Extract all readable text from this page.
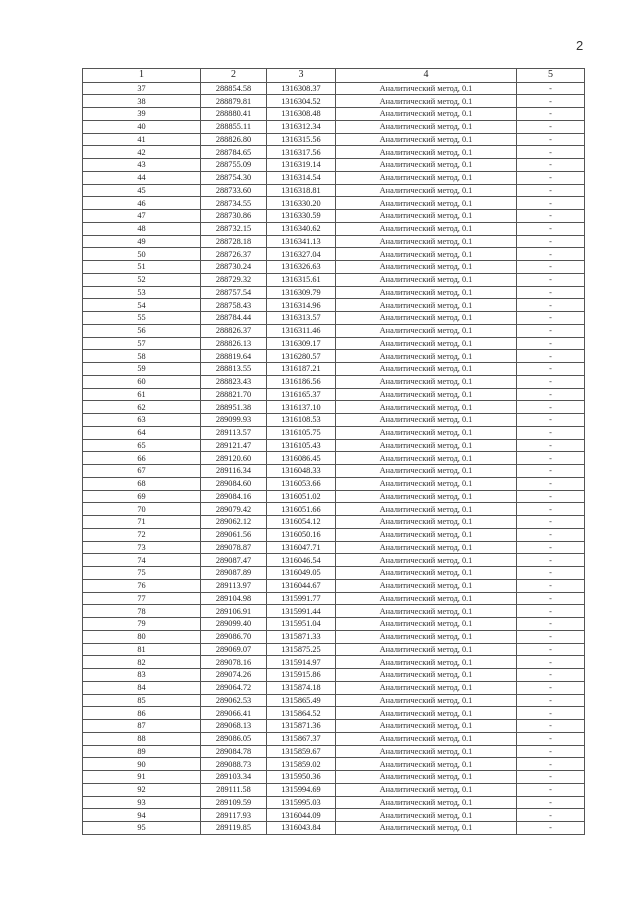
2
1	2	3	4	5
37	288854.58	1316308.37	Аналитический метод, 0.1	-
38	288879.81	1316304.52	Аналитический метод, 0.1	-
39	288880.41	1316308.48	Аналитический метод, 0.1	-
40	288855.11	1316312.34	Аналитический метод, 0.1	-
41	288826.80	1316315.56	Аналитический метод, 0.1	-
42	288784.65	1316317.56	Аналитический метод, 0.1	-
43	288755.09	1316319.14	Аналитический метод, 0.1	-
44	288754.30	1316314.54	Аналитический метод, 0.1	-
45	288733.60	1316318.81	Аналитический метод, 0.1	-
46	288734.55	1316330.20	Аналитический метод, 0.1	-
47	288730.86	1316330.59	Аналитический метод, 0.1	-
48	288732.15	1316340.62	Аналитический метод, 0.1	-
49	288728.18	1316341.13	Аналитический метод, 0.1	-
50	288726.37	1316327.04	Аналитический метод, 0.1	-
51	288730.24	1316326.63	Аналитический метод, 0.1	-
52	288729.32	1316315.61	Аналитический метод, 0.1	-
53	288757.54	1316309.79	Аналитический метод, 0.1	-
54	288758.43	1316314.96	Аналитический метод, 0.1	-
55	288784.44	1316313.57	Аналитический метод, 0.1	-
56	288826.37	1316311.46	Аналитический метод, 0.1	-
57	288826.13	1316309.17	Аналитический метод, 0.1	-
58	288819.64	1316280.57	Аналитический метод, 0.1	-
59	288813.55	1316187.21	Аналитический метод, 0.1	-
60	288823.43	1316186.56	Аналитический метод, 0.1	-
61	288821.70	1316165.37	Аналитический метод, 0.1	-
62	288951.38	1316137.10	Аналитический метод, 0.1	-
63	289099.93	1316108.53	Аналитический метод, 0.1	-
64	289113.57	1316105.75	Аналитический метод, 0.1	-
65	289121.47	1316105.43	Аналитический метод, 0.1	-
66	289120.60	1316086.45	Аналитический метод, 0.1	-
67	289116.34	1316048.33	Аналитический метод, 0.1	-
68	289084.60	1316053.66	Аналитический метод, 0.1	-
69	289084.16	1316051.02	Аналитический метод, 0.1	-
70	289079.42	1316051.66	Аналитический метод, 0.1	-
71	289062.12	1316054.12	Аналитический метод, 0.1	-
72	289061.56	1316050.16	Аналитический метод, 0.1	-
73	289078.87	1316047.71	Аналитический метод, 0.1	-
74	289087.47	1316046.54	Аналитический метод, 0.1	-
75	289087.89	1316049.05	Аналитический метод, 0.1	-
76	289113.97	1316044.67	Аналитический метод, 0.1	-
77	289104.98	1315991.77	Аналитический метод, 0.1	-
78	289106.91	1315991.44	Аналитический метод, 0.1	-
79	289099.40	1315951.04	Аналитический метод, 0.1	-
80	289086.70	1315871.33	Аналитический метод, 0.1	-
81	289069.07	1315875.25	Аналитический метод, 0.1	-
82	289078.16	1315914.97	Аналитический метод, 0.1	-
83	289074.26	1315915.86	Аналитический метод, 0.1	-
84	289064.72	1315874.18	Аналитический метод, 0.1	-
85	289062.53	1315865.49	Аналитический метод, 0.1	-
86	289066.41	1315864.52	Аналитический метод, 0.1	-
87	289068.13	1315871.36	Аналитический метод, 0.1	-
88	289086.05	1315867.37	Аналитический метод, 0.1	-
89	289084.78	1315859.67	Аналитический метод, 0.1	-
90	289088.73	1315859.02	Аналитический метод, 0.1	-
91	289103.34	1315950.36	Аналитический метод, 0.1	-
92	289111.58	1315994.69	Аналитический метод, 0.1	-
93	289109.59	1315995.03	Аналитический метод, 0.1	-
94	289117.93	1316044.09	Аналитический метод, 0.1	-
95	289119.85	1316043.84	Аналитический метод, 0.1	-
